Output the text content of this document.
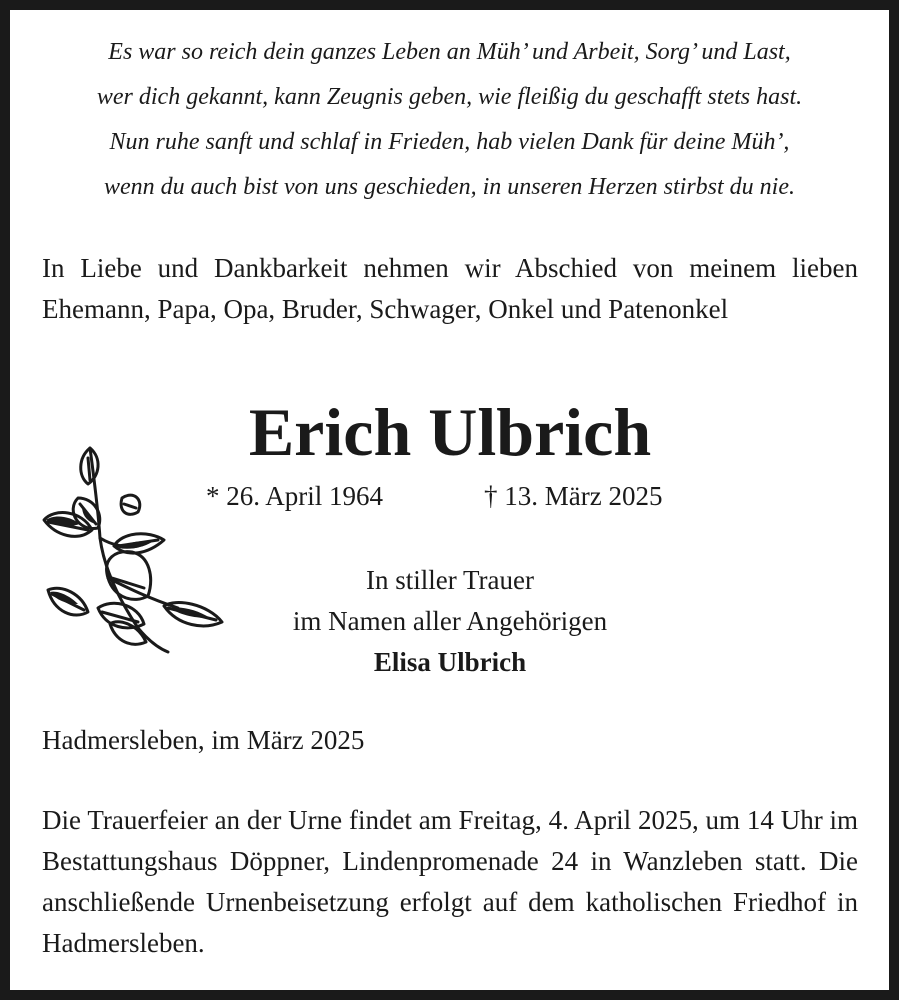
Es war so reich dein ganzes Leben an Müh’ und Arbeit, Sorg’ und Last,
wer dich gekannt, kann Zeugnis geben, wie fleißig du geschafft stets hast.
Nun ruhe sanft und schlaf in Frieden, hab vielen Dank für deine Müh’,
wenn du auch bist von uns geschieden, in unseren Herzen stirbst du nie.
In Liebe und Dankbarkeit nehmen wir Abschied von meinem lieben Ehemann, Papa, Opa, Bruder, Schwager, Onkel und Patenonkel
Erich Ulbrich
* 26. April 1964	† 13. März 2025
In stiller Trauer
im Namen aller Angehörigen
Elisa Ulbrich
Hadmersleben, im März 2025
Die Trauerfeier an der Urne findet am Freitag, 4. April 2025, um 14 Uhr im Bestattungshaus Döppner, Lindenpromenade 24 in Wanzleben statt. Die anschließende Urnenbeisetzung erfolgt auf dem katholischen Friedhof in Hadmersleben.
